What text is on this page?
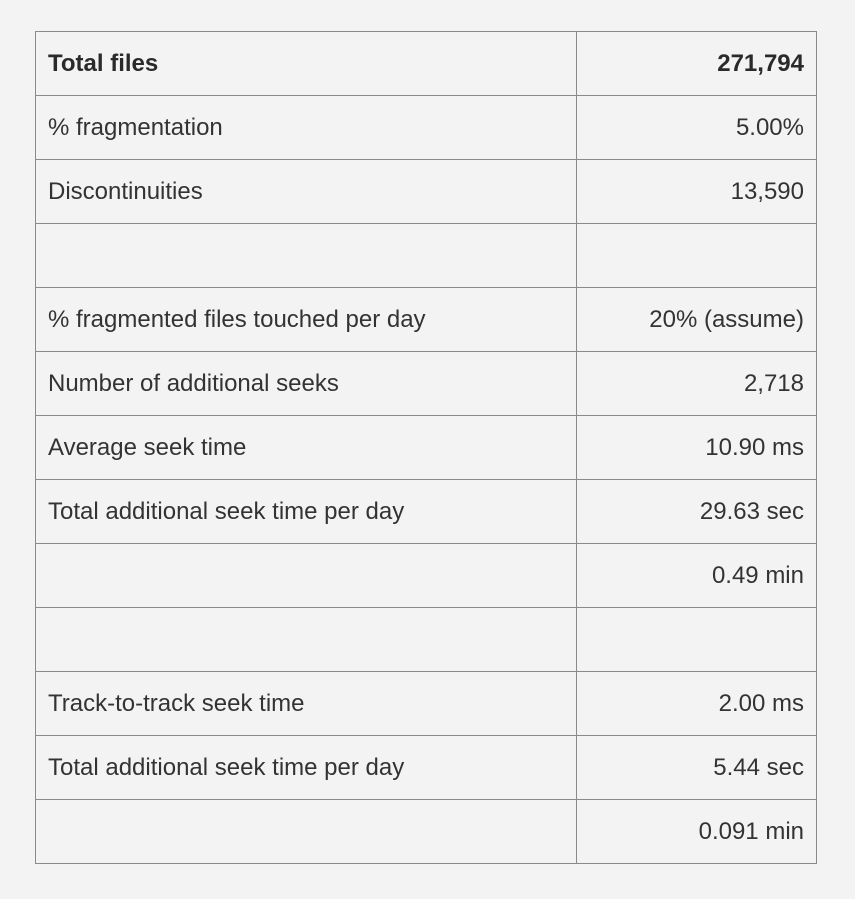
Total files	271,794
% fragmentation	5.00%
Discontinuities	13,590

% fragmented files touched per day	20% (assume)
Number of additional seeks	2,718
Average seek time	10.90 ms
Total additional seek time per day	29.63 sec
	0.49 min

Track-to-track seek time	2.00 ms
Total additional seek time per day	5.44 sec
	0.091 min
